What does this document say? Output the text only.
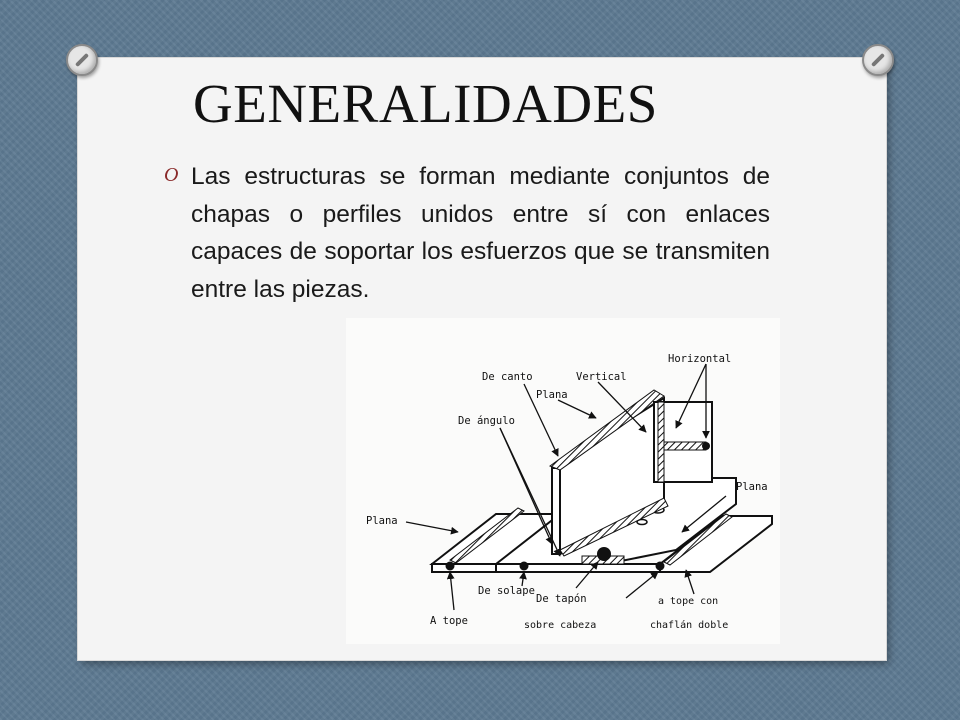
GENERALIDADES
O Las estructuras se forman mediante conjuntos de chapas o perfiles unidos entre sí con enlaces capaces de soportar los esfuerzos que se transmiten entre las piezas.

Horizontal
De canto	Vertical
Plana
De ángulo
Plana
Plana
De solape
A tope
De tapón
sobre cabeza
a tope con
chaflán doble
